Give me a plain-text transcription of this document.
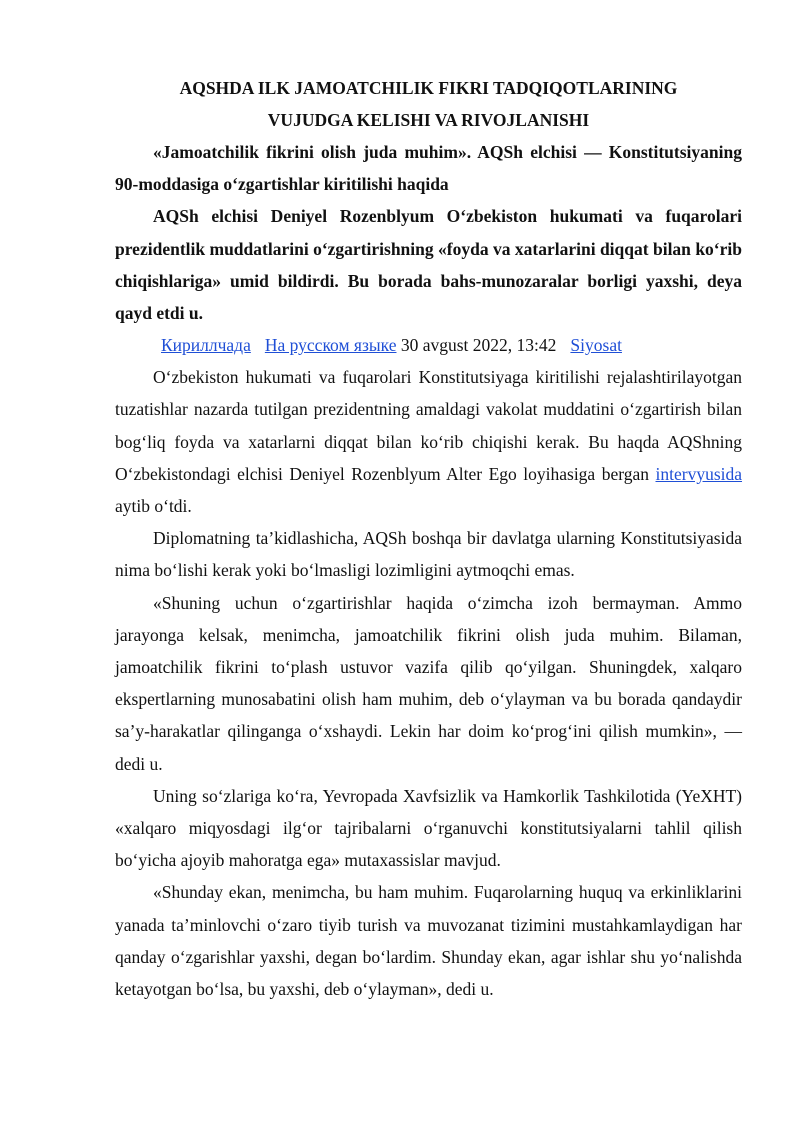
AQSHDA ILK JAMOATCHILIK FIKRI TADQIQOTLARINING
VUJUDGA KELISHI VA RIVOJLANISHI

«Jamoatchilik fikrini olish juda muhim». AQSh elchisi — Konstitutsiyaning 90-moddasiga o‘zgartishlar kiritilishi haqida

AQSh elchisi Deniyel Rozenblyum O‘zbekiston hukumati va fuqarolari prezidentlik muddatlarini o‘zgartirishning «foyda va xatarlarini diqqat bilan ko‘rib chiqishlariga» umid bildirdi. Bu borada bahs-munozaralar borligi yaxshi, deya qayd etdi u.

Кириллчада На русском языке 30 avgust 2022, 13:42 Siyosat

O‘zbekiston hukumati va fuqarolari Konstitutsiyaga kiritilishi rejalashtirilayotgan tuzatishlar nazarda tutilgan prezidentning amaldagi vakolat muddatini o‘zgartirish bilan bog‘liq foyda va xatarlarni diqqat bilan ko‘rib chiqishi kerak. Bu haqda AQShning O‘zbekistondagi elchisi Deniyel Rozenblyum Alter Ego loyihasiga bergan intervyusida aytib o‘tdi.

Diplomatning ta’kidlashicha, AQSh boshqa bir davlatga ularning Konstitutsiyasida nima bo‘lishi kerak yoki bo‘lmasligi lozimligini aytmoqchi emas.

«Shuning uchun o‘zgartirishlar haqida o‘zimcha izoh bermayman. Ammo jarayonga kelsak, menimcha, jamoatchilik fikrini olish juda muhim. Bilaman, jamoatchilik fikrini to‘plash ustuvor vazifa qilib qo‘yilgan. Shuningdek, xalqaro ekspertlarning munosabatini olish ham muhim, deb o‘ylayman va bu borada qandaydir sa’y-harakatlar qilinganga o‘xshaydi. Lekin har doim ko‘prog‘ini qilish mumkin», — dedi u.

Uning so‘zlariga ko‘ra, Yevropada Xavfsizlik va Hamkorlik Tashkilotida (YeXHT) «xalqaro miqyosdagi ilg‘or tajribalarni o‘rganuvchi konstitutsiyalarni tahlil qilish bo‘yicha ajoyib mahoratga ega» mutaxassislar mavjud.

«Shunday ekan, menimcha, bu ham muhim. Fuqarolarning huquq va erkinliklarini yanada ta’minlovchi o‘zaro tiyib turish va muvozanat tizimini mustahkamlaydigan har qanday o‘zgarishlar yaxshi, degan bo‘lardim. Shunday ekan, agar ishlar shu yo‘nalishda ketayotgan bo‘lsa, bu yaxshi, deb o‘ylayman», dedi u.
